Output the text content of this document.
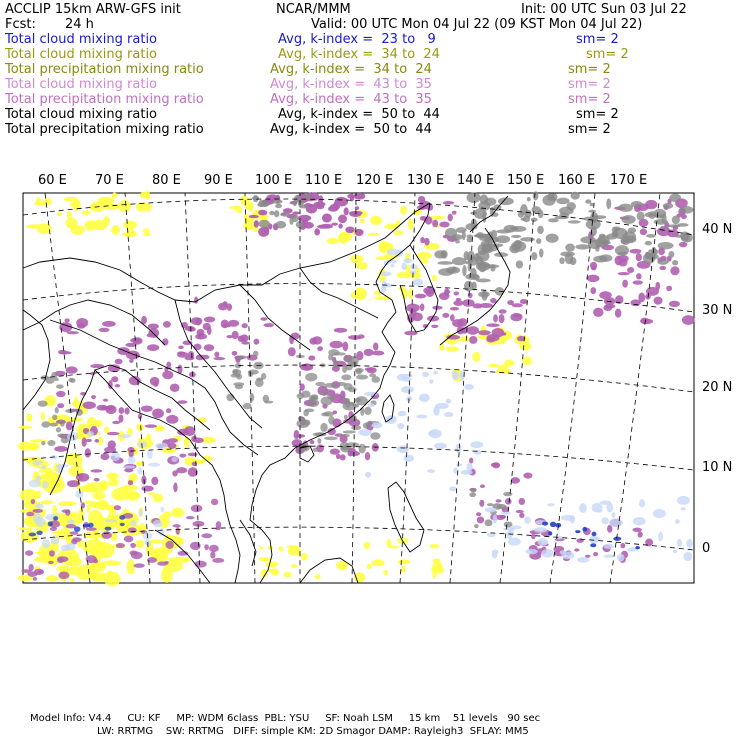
ACCLIP 15km ARW-GFS init	NCAR/MMM	Init: 00 UTC Sun 03 Jul 22
Fcst: 24 h	Valid: 00 UTC Mon 04 Jul 22 (09 KST Mon 04 Jul 22)
Total cloud mixing ratio	Avg, k-index =  23 to   9	sm= 2
Total cloud mixing ratio	Avg, k-index =  34 to  24	sm= 2
Total precipitation mixing ratio	Avg, k-index =  34 to  24	sm= 2
Total cloud mixing ratio	Avg, k-index =  43 to  35	sm= 2
Total precipitation mixing ratio	Avg, k-index =  43 to  35	sm= 2
Total cloud mixing ratio	Avg, k-index =  50 to  44	sm= 2
Total precipitation mixing ratio	Avg, k-index =  50 to  44	sm= 2
60 E 70 E 80 E 90 E 100 E 110 E 120 E 130 E 140 E 150 E 160 E 170 E
40 N
30 N
20 N
10 N
0
Model Info: V4.4     CU: KF     MP: WDM 6class  PBL: YSU     SF: Noah LSM     15 km    51 levels   90 sec
LW: RRTMG    SW: RRTMG   DIFF: simple KM: 2D Smagor DAMP: Rayleigh3  SFLAY: MM5
